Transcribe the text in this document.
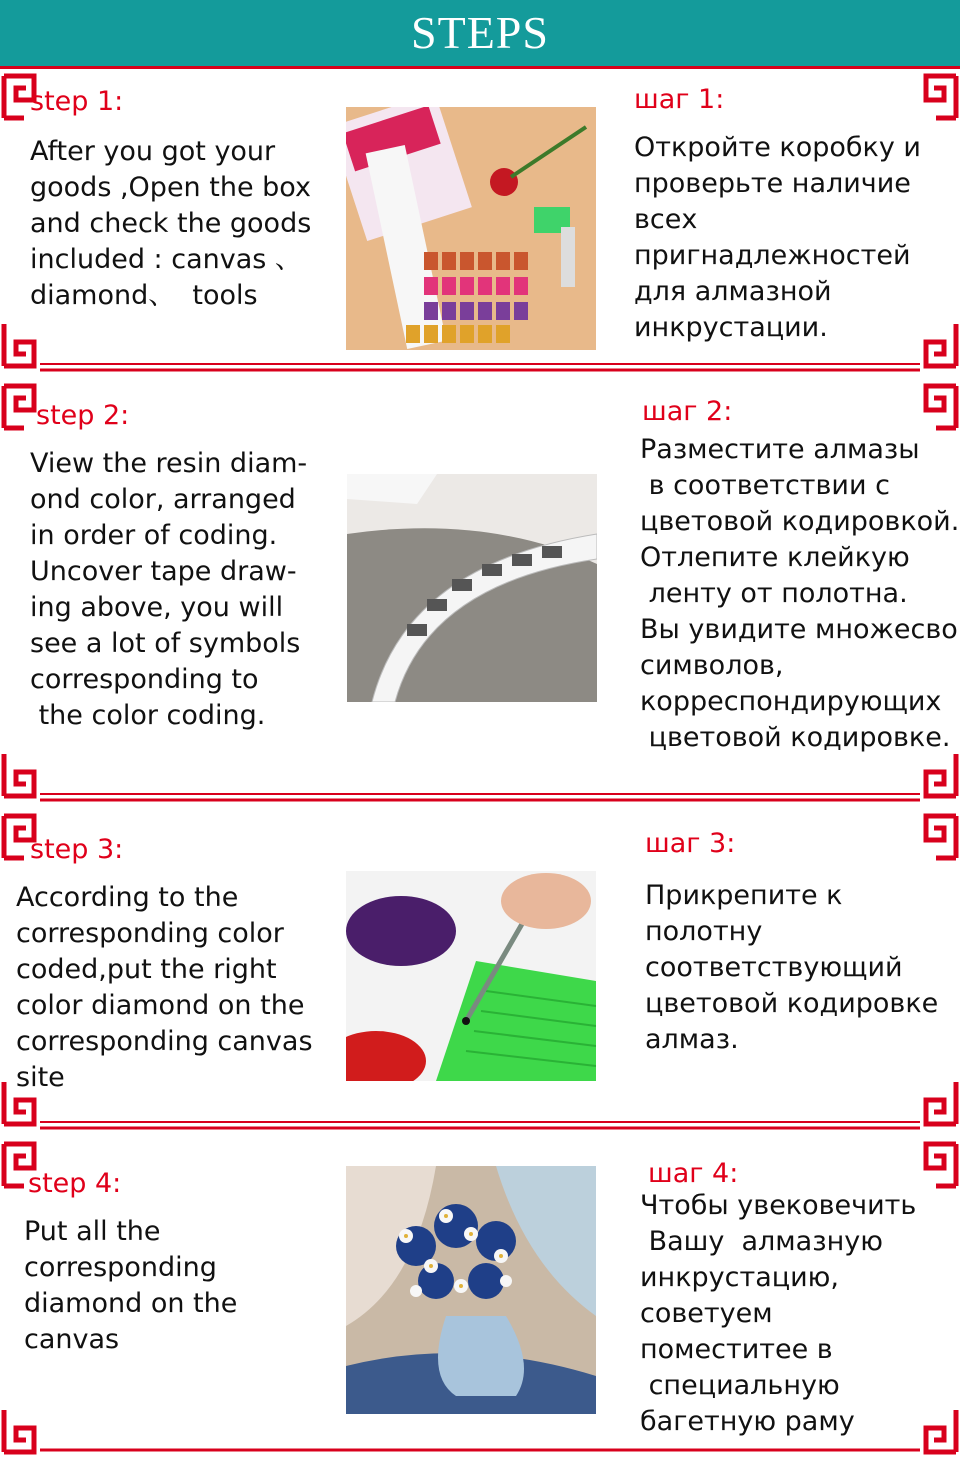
STEPS
step 1:
After you got your
goods ,Open the box
and check the goods
included : canvas 、
diamond、  tools
шаг 1:
Откройте коробку и
проверьте наличие
всех
пригнадлежностей
для алмазной
инкрустации.
step 2:
View the resin diam-
ond color, arranged
in order of coding.
Uncover tape draw-
ing above, you will
see a lot of symbols
corresponding to
the color coding.
шаг 2:
Разместите алмазы
в соответствии с
цветовой кодировкой.
Отлепите клейкую
ленту от полотна.
Вы увидите множесво
символов,
корреспондирующих
цветовой кодировке.
step 3:
According to the
corresponding color
coded,put the right
color diamond on the
corresponding canvas
site
шаг 3:
Прикрепите к
полотну
соответствующий
цветовой кодировке
алмаз.
step 4:
Put all the
corresponding
diamond on the
canvas
шаг 4:
Чтобы увековечить
Вашу  алмазную
инкрустацию,
советуем
поместитее в
специальную
багетную раму
